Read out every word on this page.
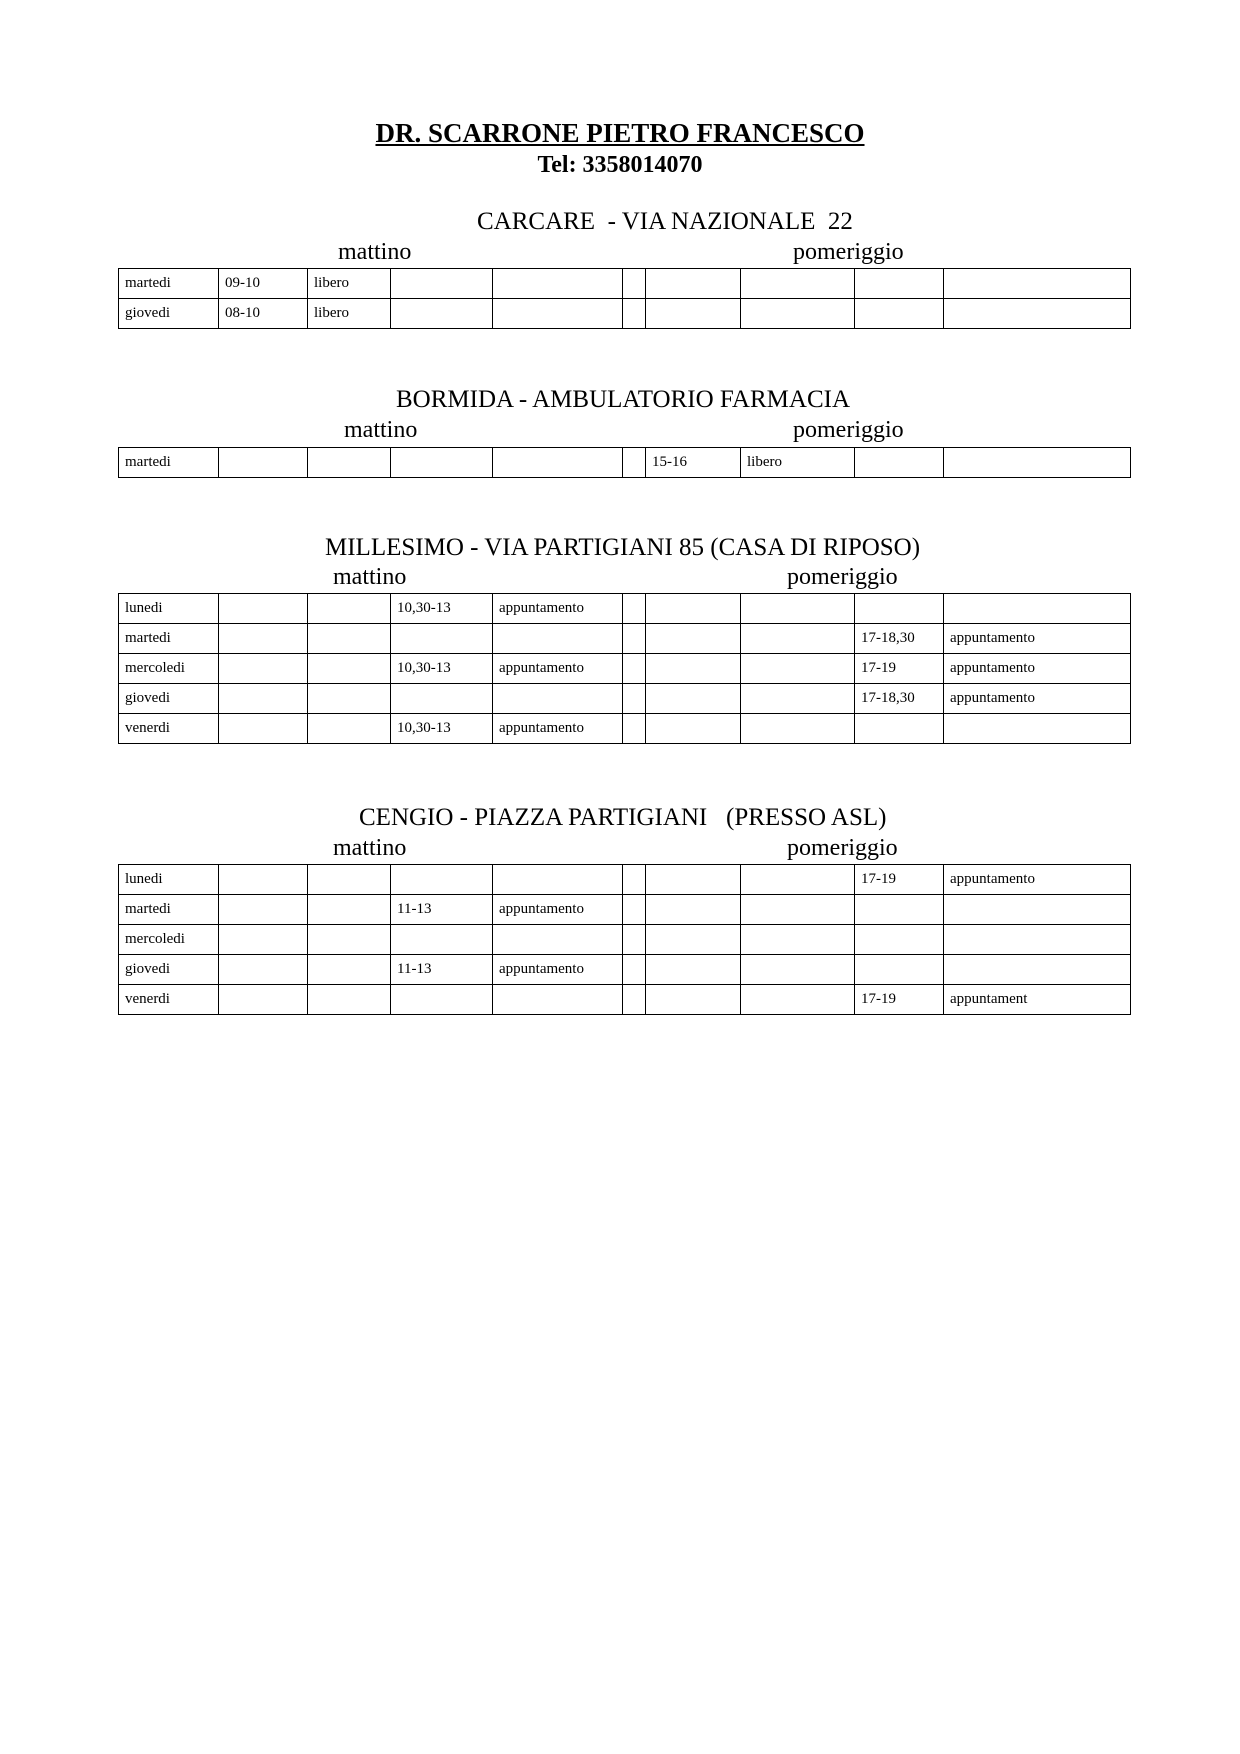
DR. SCARRONE PIETRO FRANCESCO
Tel: 3358014070
CARCARE  - VIA NAZIONALE  22
mattino	pomeriggio
martedi	09-10	libero							
giovedi	08-10	libero							
BORMIDA - AMBULATORIO FARMACIA
mattino	pomeriggio
martedi						15-16	libero		
MILLESIMO - VIA PARTIGIANI 85 (CASA DI RIPOSO)
mattino	pomeriggio
lunedi			10,30-13	appuntamento					
martedi								17-18,30	appuntamento
mercoledi			10,30-13	appuntamento				17-19	appuntamento
giovedi								17-18,30	appuntamento
venerdi			10,30-13	appuntamento					
CENGIO - PIAZZA PARTIGIANI   (PRESSO ASL)
mattino	pomeriggio
lunedi								17-19	appuntamento
martedi			11-13	appuntamento					
mercoledi									
giovedi			11-13	appuntamento					
venerdi								17-19	appuntament
